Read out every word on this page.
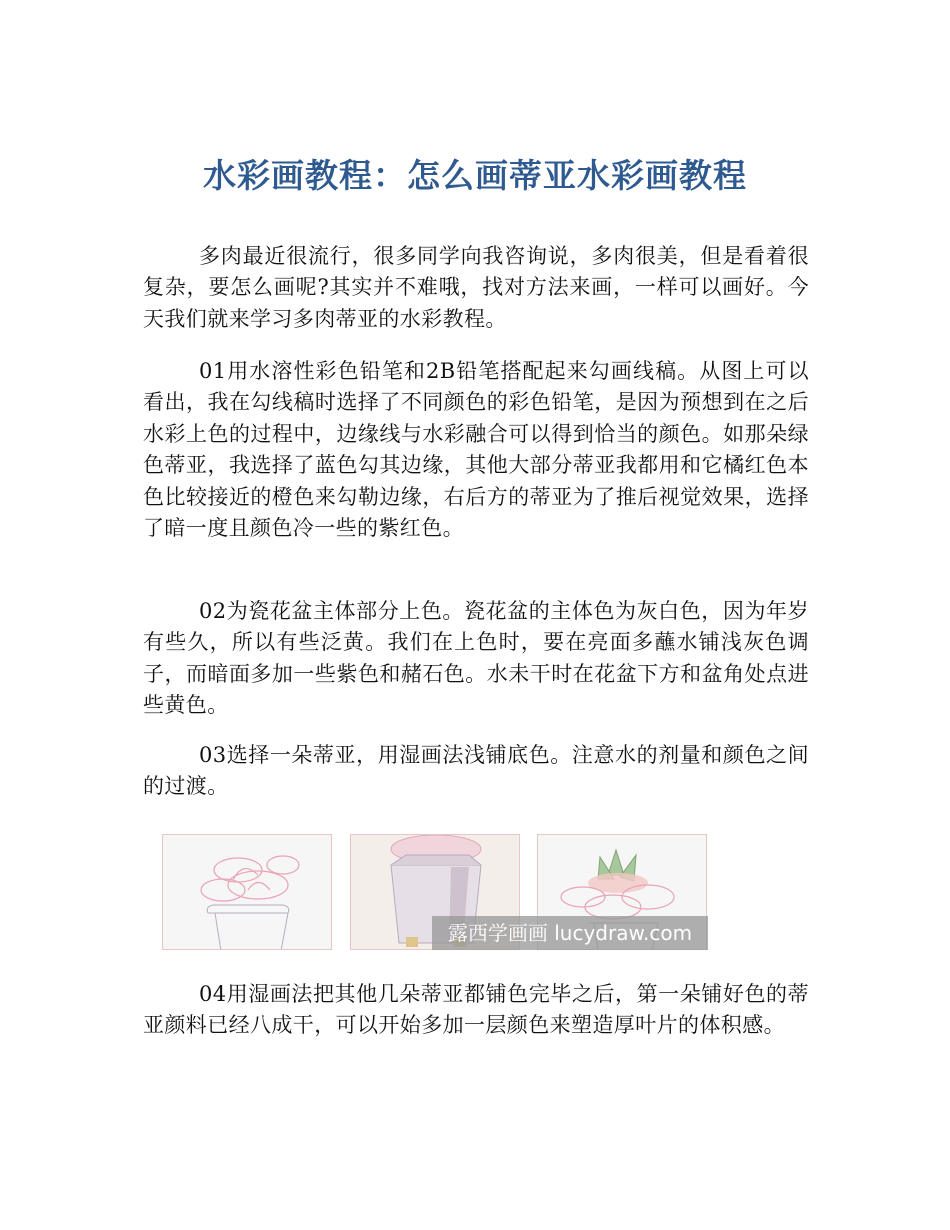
水彩画教程：怎么画蒂亚水彩画教程

多肉最近很流行，很多同学向我咨询说，多肉很美，但是看着很复杂，要怎么画呢?其实并不难哦，找对方法来画，一样可以画好。今天我们就来学习多肉蒂亚的水彩教程。

01用水溶性彩色铅笔和2B铅笔搭配起来勾画线稿。从图上可以看出，我在勾线稿时选择了不同颜色的彩色铅笔，是因为预想到在之后水彩上色的过程中，边缘线与水彩融合可以得到恰当的颜色。如那朵绿色蒂亚，我选择了蓝色勾其边缘，其他大部分蒂亚我都用和它橘红色本色比较接近的橙色来勾勒边缘，右后方的蒂亚为了推后视觉效果，选择了暗一度且颜色冷一些的紫红色。

02为瓷花盆主体部分上色。瓷花盆的主体色为灰白色，因为年岁有些久，所以有些泛黄。我们在上色时，要在亮面多蘸水铺浅灰色调子，而暗面多加一些紫色和赭石色。水未干时在花盆下方和盆角处点进些黄色。

03选择一朵蒂亚，用湿画法浅铺底色。注意水的剂量和颜色之间的过渡。

露西学画画 lucydraw.com

04用湿画法把其他几朵蒂亚都铺色完毕之后，第一朵铺好色的蒂亚颜料已经八成干，可以开始多加一层颜色来塑造厚叶片的体积感。
